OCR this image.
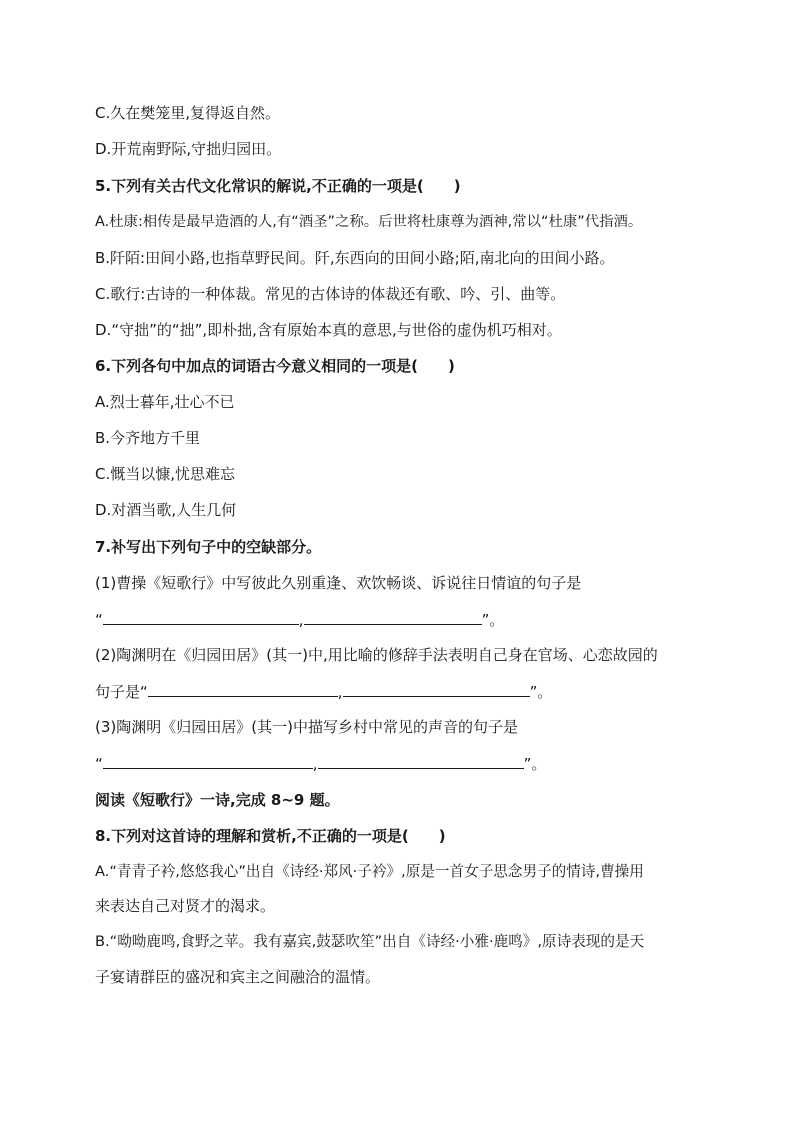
C.久在樊笼里,复得返自然。
D.开荒南野际,守拙归园田。
5.下列有关古代文化常识的解说,不正确的一项是(　　)
A.杜康:相传是最早造酒的人,有“酒圣”之称。后世将杜康尊为酒神,常以“杜康”代指酒。
B.阡陌:田间小路,也指草野民间。阡,东西向的田间小路;陌,南北向的田间小路。
C.歌行:古诗的一种体裁。常见的古体诗的体裁还有歌、吟、引、曲等。
D.“守拙”的“拙”,即朴拙,含有原始本真的意思,与世俗的虚伪机巧相对。
6.下列各句中加点的词语古今意义相同的一项是(　　)
A.烈士暮年,壮心不已
B.今齐地方千里
C.慨当以慷,忧思难忘
D.对酒当歌,人生几何
7.补写出下列句子中的空缺部分。
(1)曹操《短歌行》中写彼此久别重逢、欢饮畅谈、诉说往日情谊的句子是
“	,	”。
(2)陶渊明在《归园田居》(其一)中,用比喻的修辞手法表明自己身在官场、心恋故园的
句子是“	,	”。
(3)陶渊明《归园田居》(其一)中描写乡村中常见的声音的句子是
“	,	”。
阅读《短歌行》一诗,完成 8~9 题。
8.下列对这首诗的理解和赏析,不正确的一项是(　　)
A.“青青子衿,悠悠我心”出自《诗经·郑风·子衿》,原是一首女子思念男子的情诗,曹操用
来表达自己对贤才的渴求。
B.“呦呦鹿鸣,食野之苹。我有嘉宾,鼓瑟吹笙”出自《诗经·小雅·鹿鸣》,原诗表现的是天
子宴请群臣的盛况和宾主之间融洽的温情。
